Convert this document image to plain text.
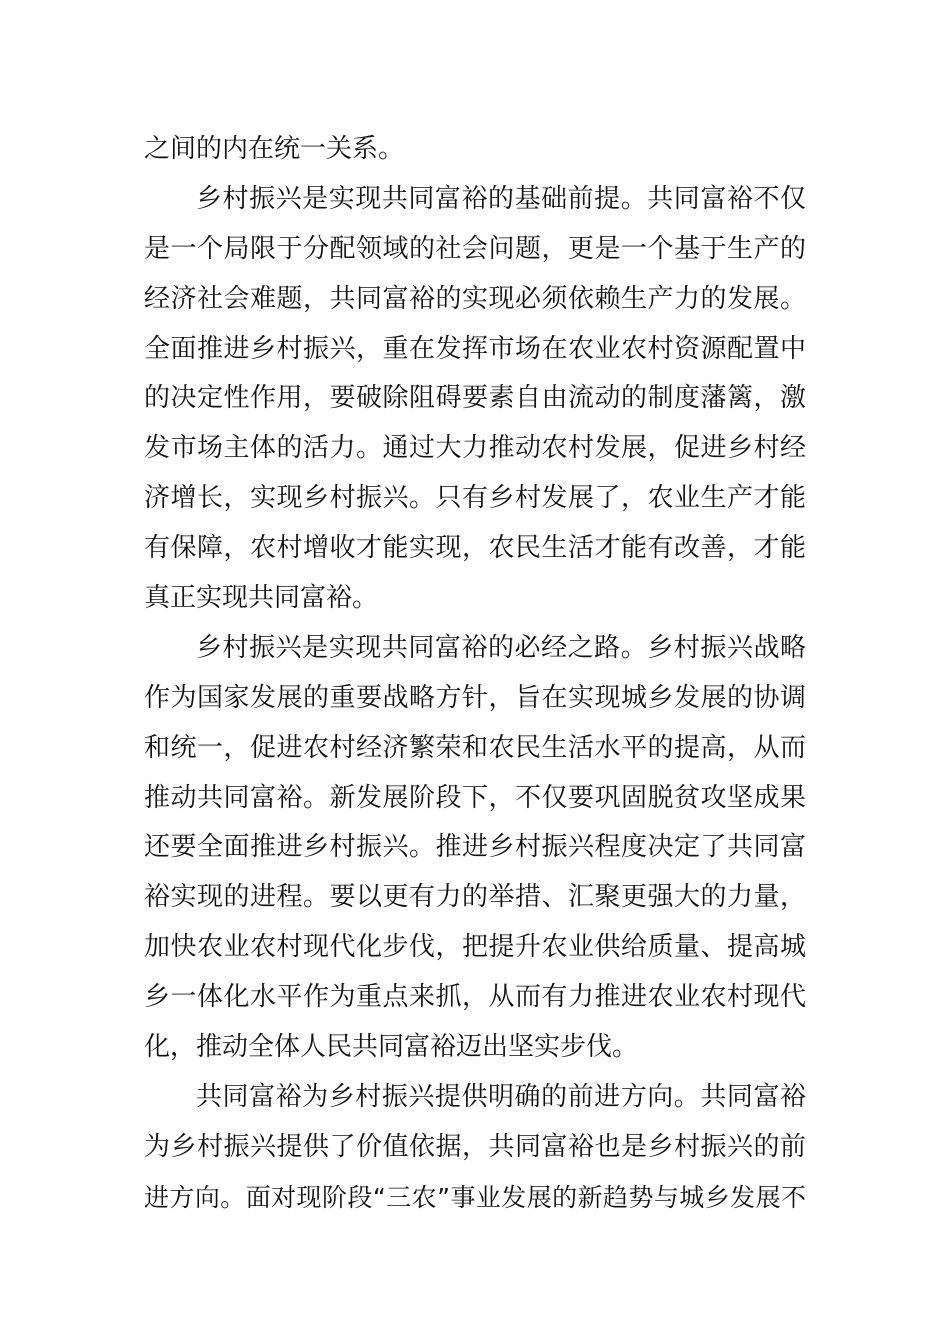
之间的内在统一关系。
乡村振兴是实现共同富裕的基础前提。共同富裕不仅
是一个局限于分配领域的社会问题，更是一个基于生产的
经济社会难题，共同富裕的实现必须依赖生产力的发展。
全面推进乡村振兴，重在发挥市场在农业农村资源配置中
的决定性作用，要破除阻碍要素自由流动的制度藩篱，激
发市场主体的活力。通过大力推动农村发展，促进乡村经
济增长，实现乡村振兴。只有乡村发展了，农业生产才能
有保障，农村增收才能实现，农民生活才能有改善，才能
真正实现共同富裕。
乡村振兴是实现共同富裕的必经之路。乡村振兴战略
作为国家发展的重要战略方针，旨在实现城乡发展的协调
和统一，促进农村经济繁荣和农民生活水平的提高，从而
推动共同富裕。新发展阶段下，不仅要巩固脱贫攻坚成果
还要全面推进乡村振兴。推进乡村振兴程度决定了共同富
裕实现的进程。要以更有力的举措、汇聚更强大的力量，
加快农业农村现代化步伐，把提升农业供给质量、提高城
乡一体化水平作为重点来抓，从而有力推进农业农村现代
化，推动全体人民共同富裕迈出坚实步伐。
共同富裕为乡村振兴提供明确的前进方向。共同富裕
为乡村振兴提供了价值依据，共同富裕也是乡村振兴的前
进方向。面对现阶段“三农”事业发展的新趋势与城乡发展不
